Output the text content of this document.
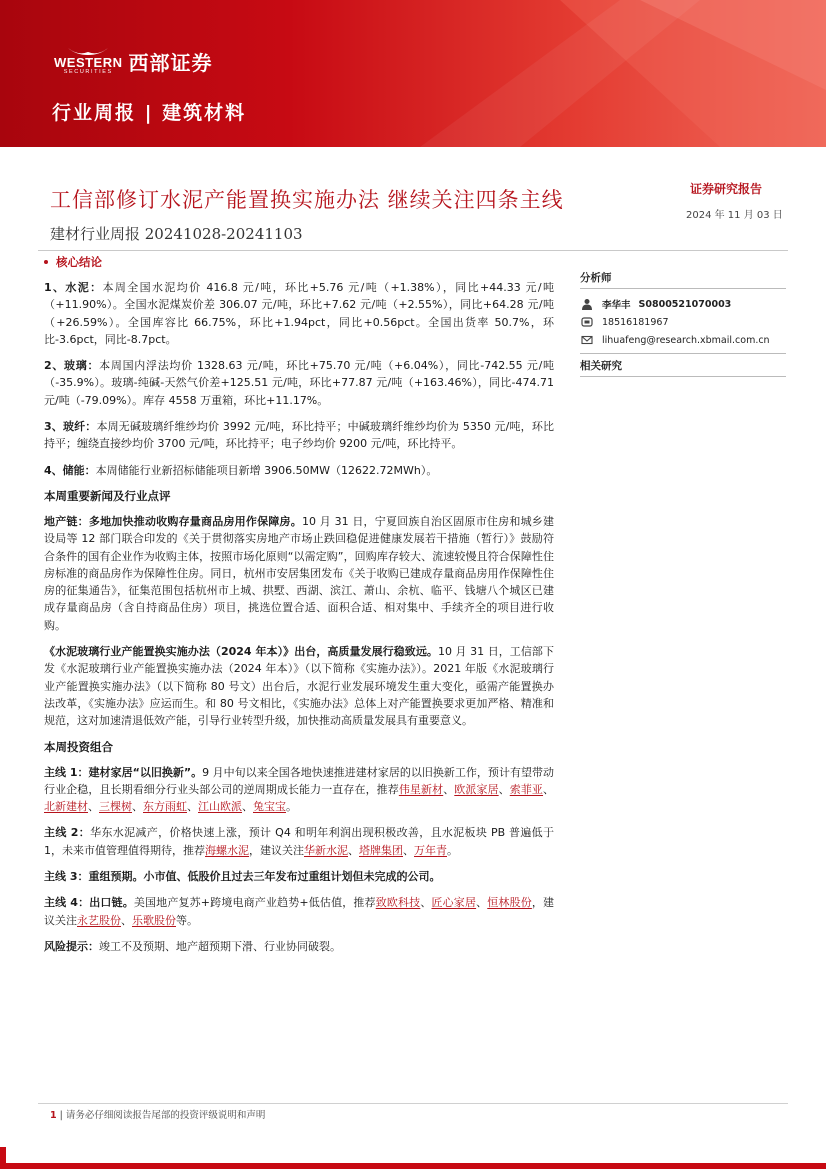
WESTERN
SECURITIES 西部证券
行业周报 | 建筑材料
工信部修订水泥产能置换实施办法 继续关注四条主线
建材行业周报 20241028-20241103
证券研究报告
2024 年 11 月 03 日
核心结论

1、水泥：本周全国水泥均价 416.8 元/吨，环比+5.76 元/吨（+1.38%），同比+44.33 元/吨（+11.90%）。全国水泥煤炭价差 306.07 元/吨，环比+7.62 元/吨（+2.55%），同比+64.28 元/吨（+26.59%）。全国库容比 66.75%，环比+1.94pct，同比+0.56pct。全国出货率 50.7%，环比-3.6pct，同比-8.7pct。

2、玻璃：本周国内浮法均价 1328.63 元/吨，环比+75.70 元/吨（+6.04%），同比-742.55 元/吨（-35.9%）。玻璃-纯碱-天然气价差+125.51 元/吨，环比+77.87 元/吨（+163.46%），同比-474.71 元/吨（-79.09%）。库存 4558 万重箱，环比+11.17%。

3、玻纤：本周无碱玻璃纤维纱均价 3992 元/吨，环比持平；中碱玻璃纤维纱均价为 5350 元/吨，环比持平；缠绕直接纱均价 3700 元/吨，环比持平；电子纱均价 9200 元/吨，环比持平。

4、储能：本周储能行业新招标储能项目新增 3906.50MW（12622.72MWh）。

本周重要新闻及行业点评

地产链：多地加快推动收购存量商品房用作保障房。10 月 31 日，宁夏回族自治区固原市住房和城乡建设局等 12 部门联合印发的《关于贯彻落实房地产市场止跌回稳促进健康发展若干措施（暂行）》鼓励符合条件的国有企业作为收购主体，按照市场化原则“以需定购”，回购库存较大、流速较慢且符合保障性住房标准的商品房作为保障性住房。同日，杭州市安居集团发布《关于收购已建成存量商品房用作保障性住房的征集通告》，征集范围包括杭州市上城、拱墅、西湖、滨江、萧山、余杭、临平、钱塘八个城区已建成存量商品房（含自持商品住房）项目，挑选位置合适、面积合适、相对集中、手续齐全的项目进行收购。

《水泥玻璃行业产能置换实施办法（2024 年本）》出台，高质量发展行稳致远。10 月 31 日，工信部下发《水泥玻璃行业产能置换实施办法（2024 年本）》（以下简称《实施办法》）。2021 年版《水泥玻璃行业产能置换实施办法》（以下简称 80 号文）出台后，水泥行业发展环境发生重大变化，亟需产能置换办法改革，《实施办法》应运而生。和 80 号文相比，《实施办法》总体上对产能置换要求更加严格、精准和规范，这对加速清退低效产能，引导行业转型升级，加快推动高质量发展具有重要意义。

本周投资组合

主线 1：建材家居“以旧换新”。9 月中旬以来全国各地快速推进建材家居的以旧换新工作，预计有望带动行业企稳，且长期看细分行业头部公司的逆周期成长能力一直存在，推荐伟星新材、欧派家居、索菲亚、北新建材、三棵树、东方雨虹、江山欧派、兔宝宝。

主线 2：华东水泥减产，价格快速上涨，预计 Q4 和明年利润出现积极改善，且水泥板块 PB 普遍低于 1，未来市值管理值得期待，推荐海螺水泥，建议关注华新水泥、塔牌集团、万年青。

主线 3：重组预期。小市值、低股价且过去三年发布过重组计划但未完成的公司。

主线 4：出口链。美国地产复苏+跨境电商产业趋势+低估值，推荐致欧科技、匠心家居、恒林股份，建议关注永艺股份、乐歌股份等。

风险提示：竣工不及预期、地产超预期下滑、行业协同破裂。

分析师
李华丰 S0800521070003
18516181967
lihuafeng@research.xbmail.com.cn
相关研究
1 | 请务必仔细阅读报告尾部的投资评级说明和声明
